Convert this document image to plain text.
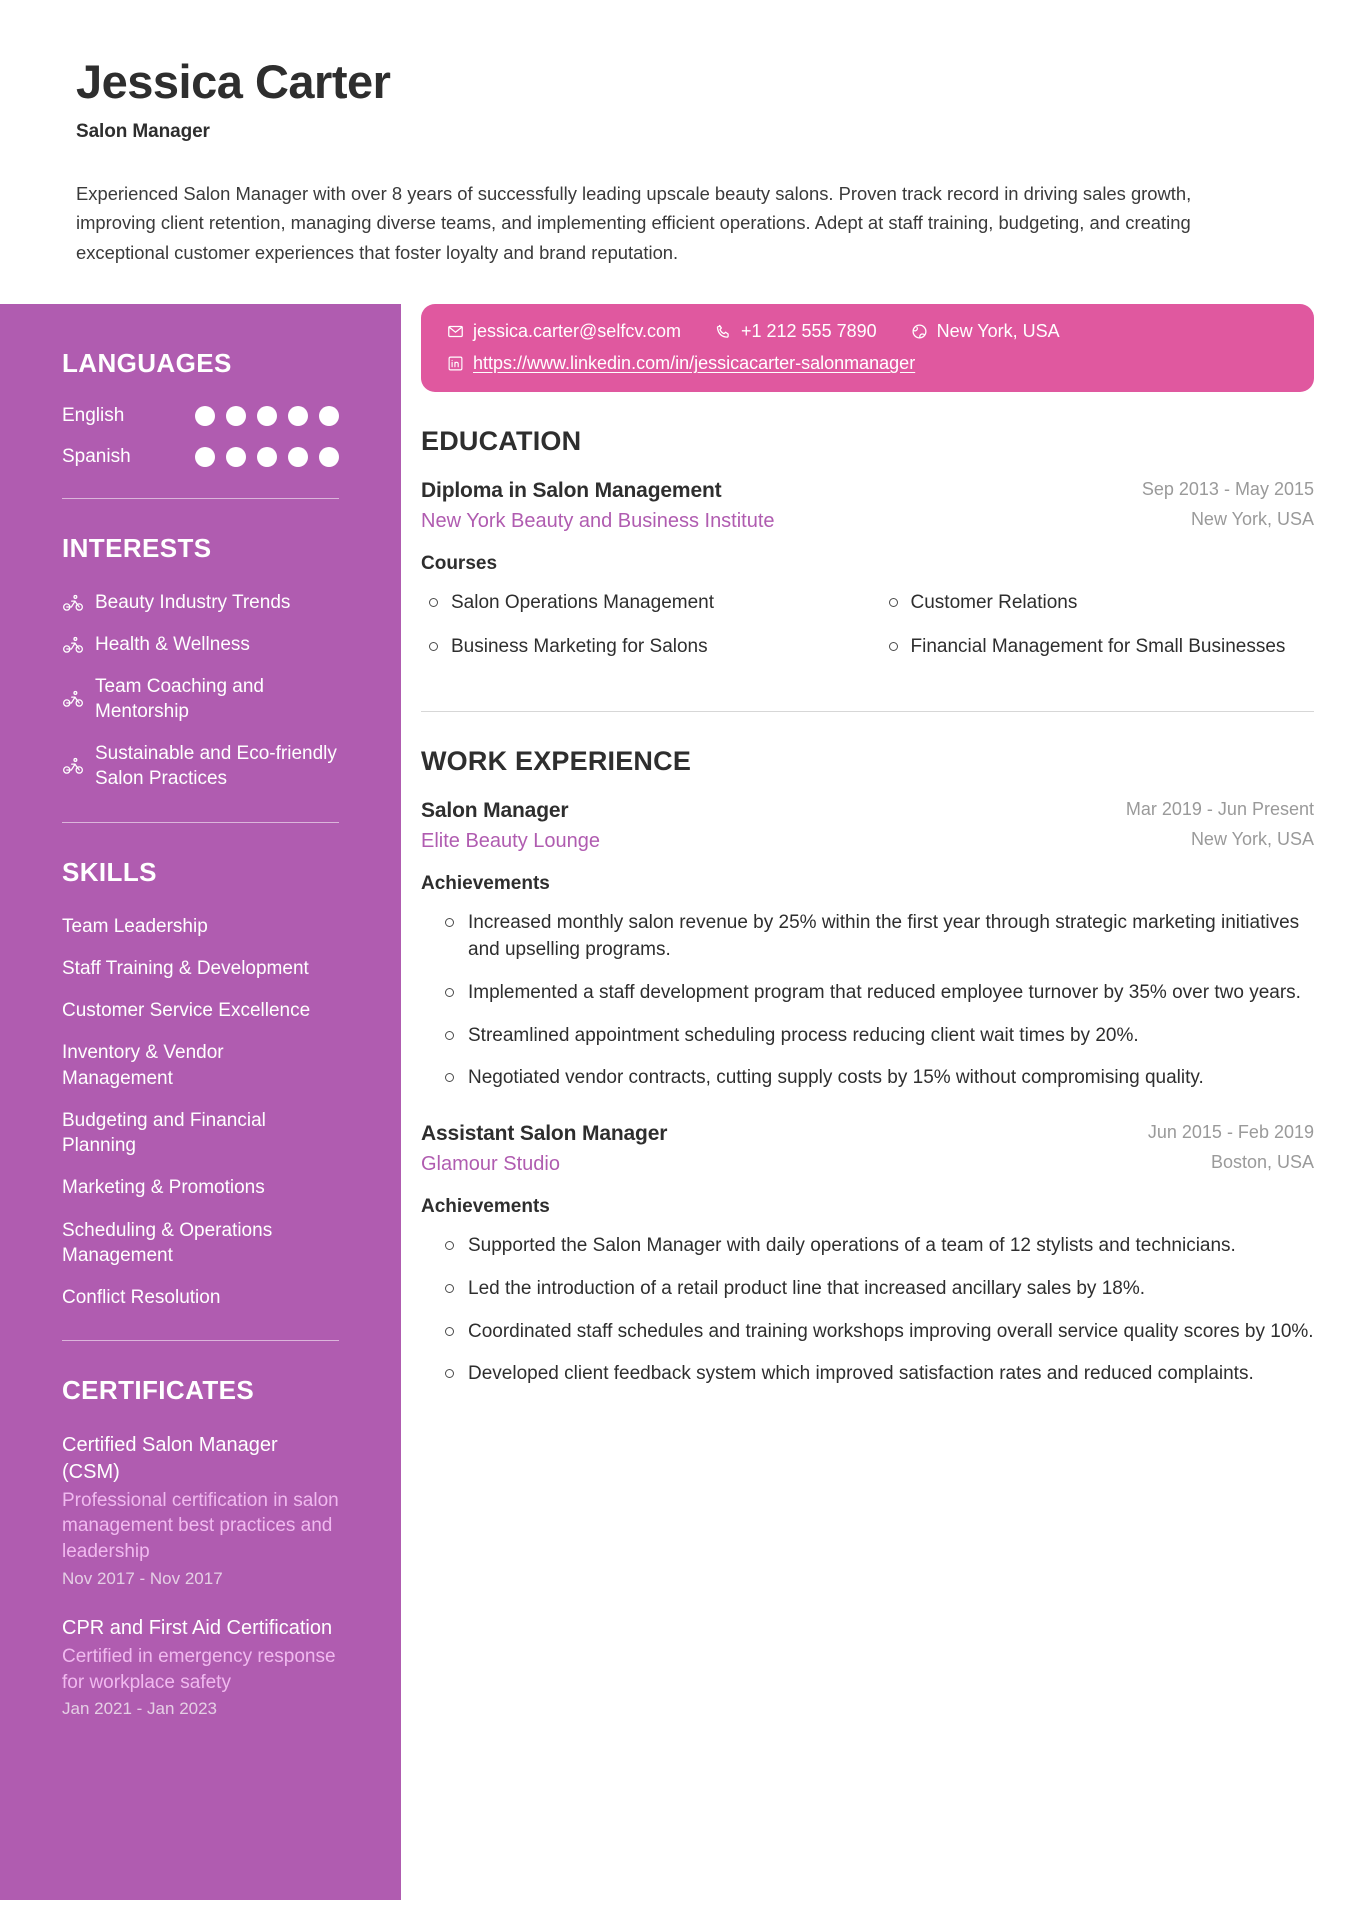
Jessica Carter
Salon Manager
Experienced Salon Manager with over 8 years of successfully leading upscale beauty salons. Proven track record in driving sales growth, improving client retention, managing diverse teams, and implementing efficient operations. Adept at staff training, budgeting, and creating exceptional customer experiences that foster loyalty and brand reputation.
LANGUAGES
English
Spanish
INTERESTS
Beauty Industry Trends
Health & Wellness
Team Coaching and Mentorship
Sustainable and Eco-friendly Salon Practices
SKILLS
Team Leadership
Staff Training & Development
Customer Service Excellence
Inventory & Vendor Management
Budgeting and Financial Planning
Marketing & Promotions
Scheduling & Operations Management
Conflict Resolution
CERTIFICATES
Certified Salon Manager (CSM)
Professional certification in salon management best practices and leadership
Nov 2017 - Nov 2017
CPR and First Aid Certification
Certified in emergency response for workplace safety
Jan 2021 - Jan 2023
jessica.carter@selfcv.com	+1 212 555 7890	New York, USA
https://www.linkedin.com/in/jessicacarter-salonmanager
EDUCATION
Diploma in Salon Management
New York Beauty and Business Institute
Sep 2013 - May 2015
New York, USA
Courses
Salon Operations Management	Customer Relations
Business Marketing for Salons	Financial Management for Small Businesses
WORK EXPERIENCE
Salon Manager
Elite Beauty Lounge
Mar 2019 - Jun Present
New York, USA
Achievements
Increased monthly salon revenue by 25% within the first year through strategic marketing initiatives and upselling programs.
Implemented a staff development program that reduced employee turnover by 35% over two years.
Streamlined appointment scheduling process reducing client wait times by 20%.
Negotiated vendor contracts, cutting supply costs by 15% without compromising quality.
Assistant Salon Manager
Glamour Studio
Jun 2015 - Feb 2019
Boston, USA
Achievements
Supported the Salon Manager with daily operations of a team of 12 stylists and technicians.
Led the introduction of a retail product line that increased ancillary sales by 18%.
Coordinated staff schedules and training workshops improving overall service quality scores by 10%.
Developed client feedback system which improved satisfaction rates and reduced complaints.
